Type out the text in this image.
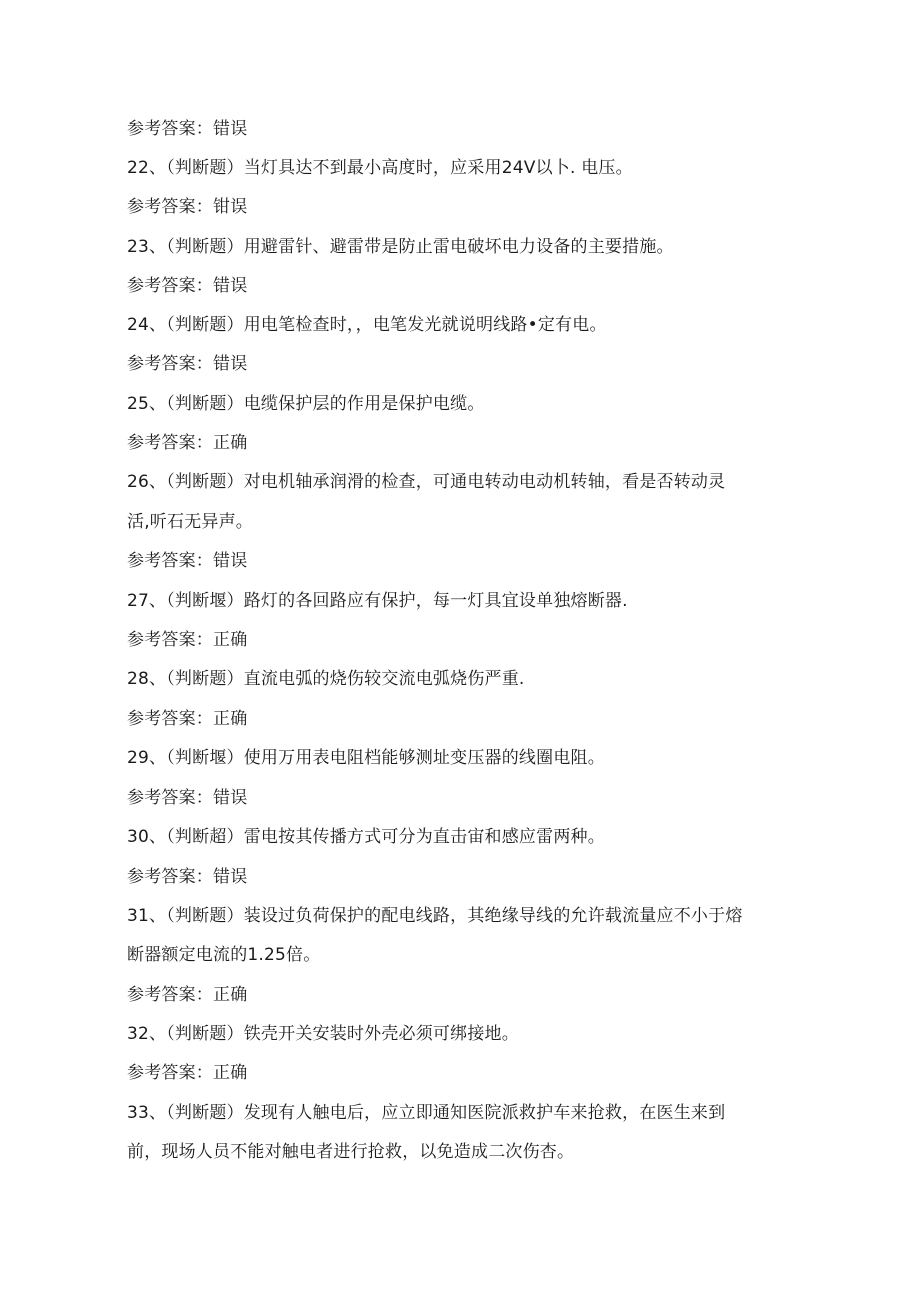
参考答案：错误
22、（判断题）当灯具达不到最小高度时，应采用24V以卜. 电压。
参考答案：钳误
23、（判断题）用避雷针、避雷带是防止雷电破坏电力设备的主要措施。
参考答案：错误
24、（判断题）用电笔检查时，，电笔发光就说明线路•定有电。
参考答案：错误
25、（判断题）电缆保护层的作用是保护电缆。
参考答案：正确
26、（判断题）对电机轴承润滑的检查，可通电转动电动机转轴，看是否转动灵
活,听石无异声。
参考答案：错误
27、（判断堰）路灯的各回路应有保护，每一灯具宜设单独熔断器.
参考答案：正确
28、（判断题）直流电弧的烧伤较交流电弧烧伤严重.
参考答案：正确
29、（判断堰）使用万用表电阻档能够测址变压器的线圈电阻。
参考答案：错误
30、（判断超）雷电按其传播方式可分为直击宙和感应雷两种。
参考答案：错误
31、（判断题）装设过负荷保护的配电线路，其绝缘导线的允许载流量应不小于熔
断器额定电流的1.25倍。
参考答案：正确
32、（判断题）铁壳开关安装时外壳必须可绑接地。
参考答案：正确
33、（判断题）发现有人触电后，应立即通知医院派救护车来抢救，在医生来到
前，现场人员不能对触电者进行抢救，以免造成二次伤杏。
